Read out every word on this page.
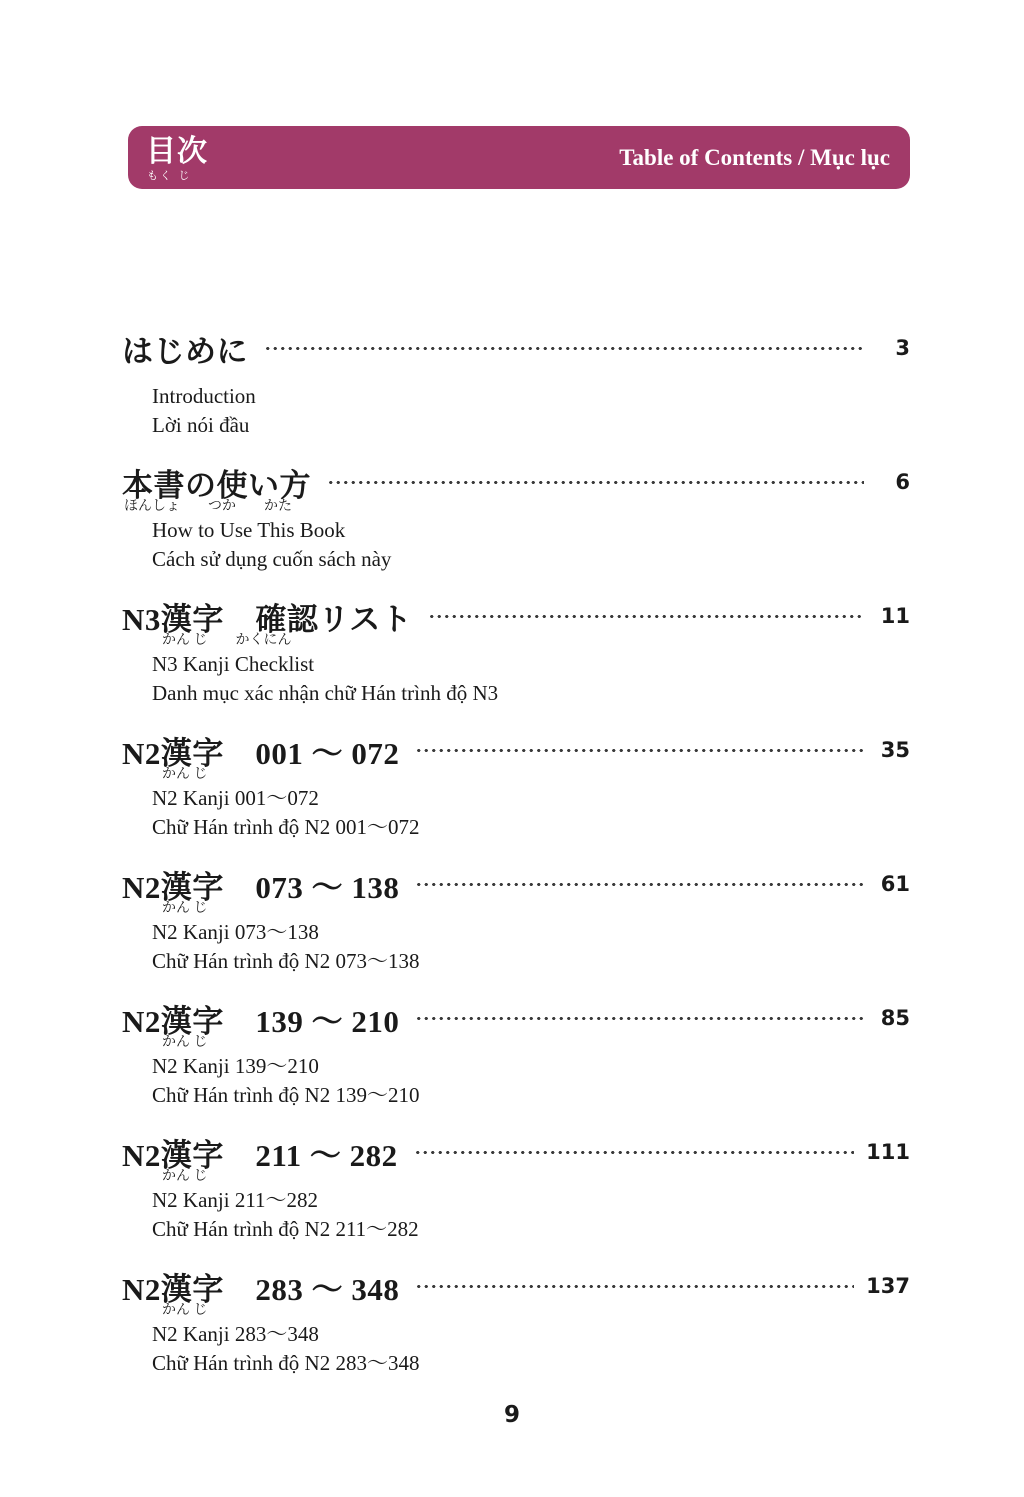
目次
もく じ
Table of Contents / Mục lục
はじめに	3
Introduction
Lời nói đầu
本書の使い方	6
ほんしょ　　つか　　かた
How to Use This Book
Cách sử dụng cuốn sách này
N3漢字　確認リスト	11
かん じ　　かくにん
N3 Kanji Checklist
Danh mục xác nhận chữ Hán trình độ N3
N2漢字　001 〜 072	35
かん じ
N2 Kanji 001〜072
Chữ Hán trình độ N2 001〜072
N2漢字　073 〜 138	61
かん じ
N2 Kanji 073〜138
Chữ Hán trình độ N2 073〜138
N2漢字　139 〜 210	85
かん じ
N2 Kanji 139〜210
Chữ Hán trình độ N2 139〜210
N2漢字　211 〜 282	111
かん じ
N2 Kanji 211〜282
Chữ Hán trình độ N2 211〜282
N2漢字　283 〜 348	137
かん じ
N2 Kanji 283〜348
Chữ Hán trình độ N2 283〜348
9
